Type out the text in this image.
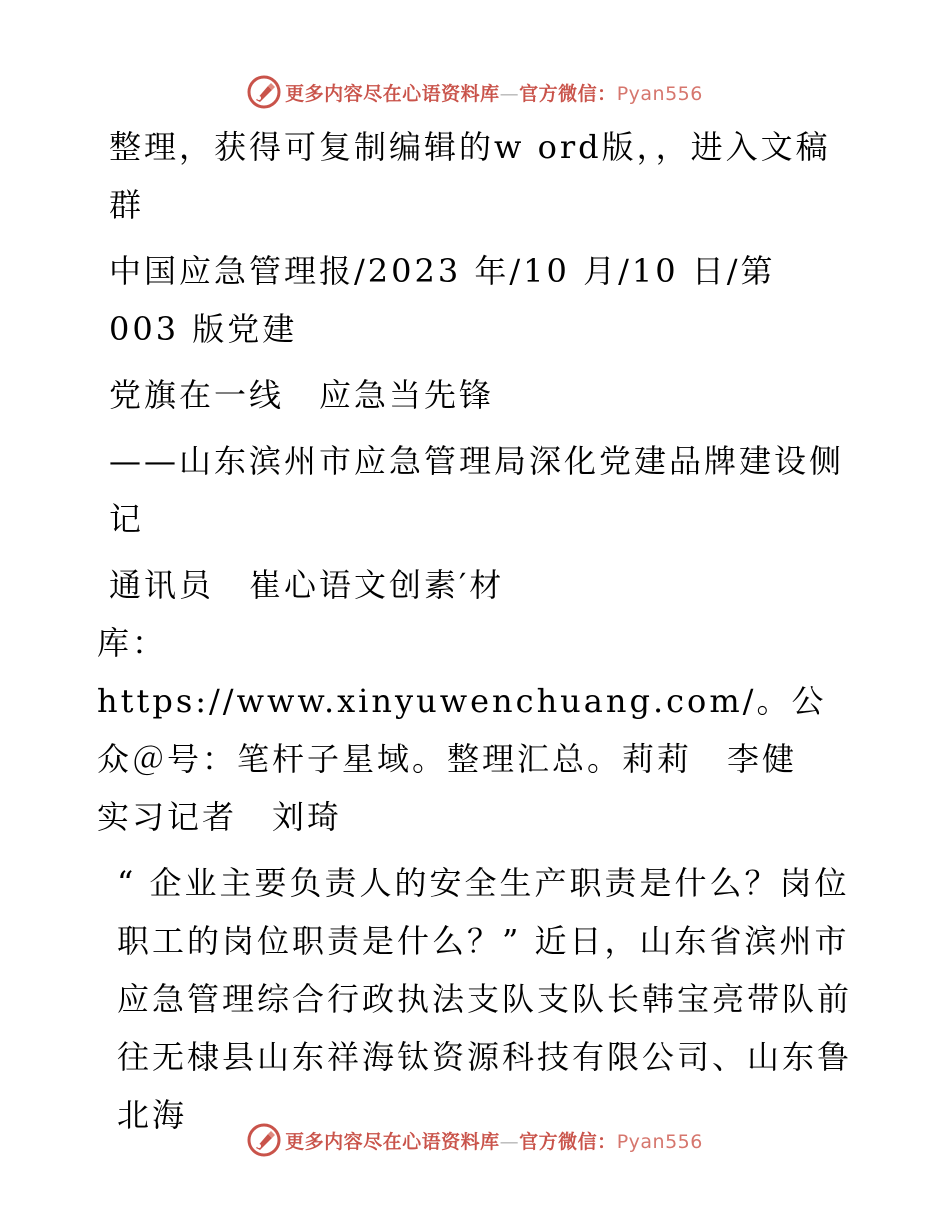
更多内容尽在心语资料库—官方微信：Pyan556

整理，获得可复制编辑的w ord版，，进入文稿群

中国应急管理报/2023 年/10 月/10 日/第 003 版党建

党旗在一线　应急当先锋

——山东滨州市应急管理局深化党建品牌建设侧记

通讯员　崔心语文创素′材
库：https://www.xinyuwenchuang.com/。公众＠号：笔杆子星域。整理汇总。莉莉　李健　实习记者　刘琦

“ 企业主要负责人的安全生产职责是什么？岗位职工的岗位职责是什么？” 近日，山东省滨州市应急管理综合行政执法支队支队长韩宝亮带队前往无棣县山东祥海钛资源科技有限公司、山东鲁北海

更多内容尽在心语资料库—官方微信：Pyan556
